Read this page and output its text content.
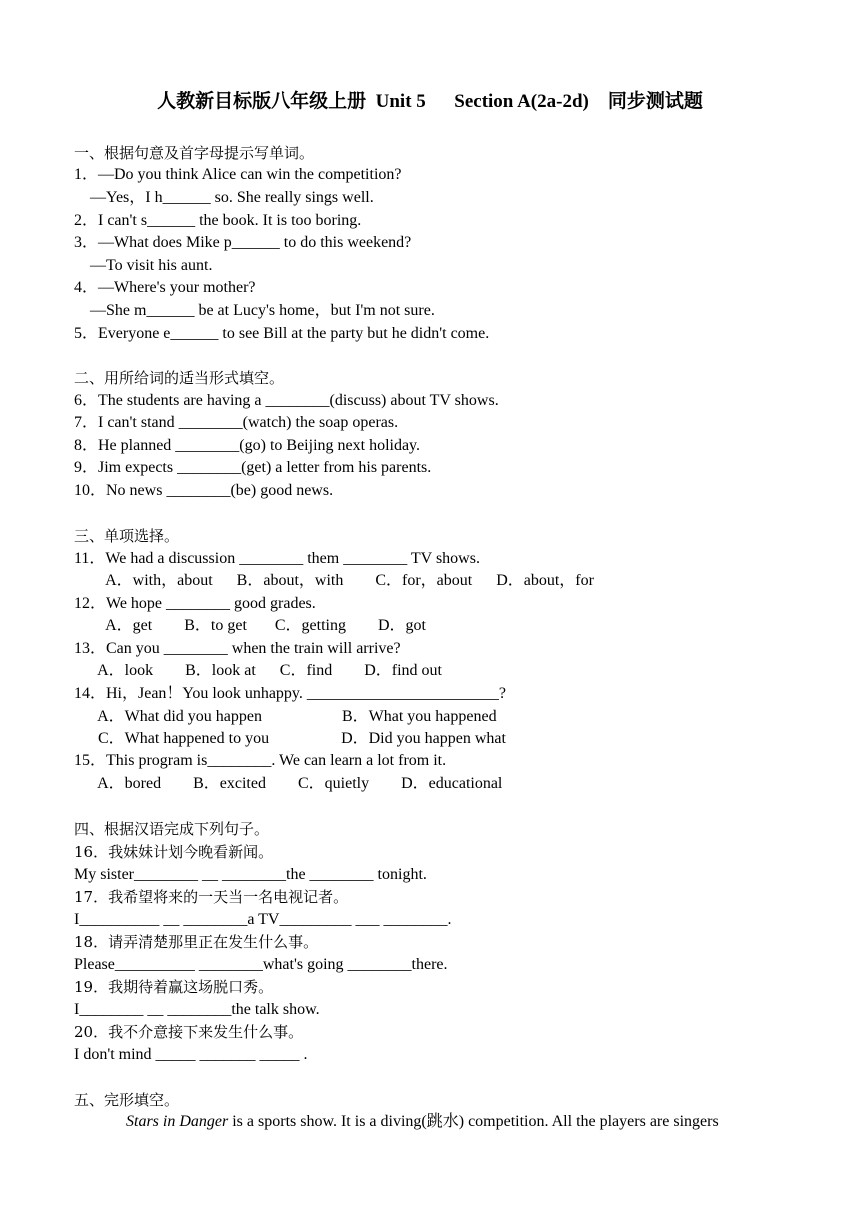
人教新目标版八年级上册  Unit 5      Section A(2a-2d)    同步测试题
一、根据句意及首字母提示写单词。
1．—Do you think Alice can win the competition?
—Yes，I h______ so. She really sings well.
2．I can't s______ the book. It is too boring.
3．—What does Mike p______ to do this weekend?
—To visit his aunt.
4．—Where's your mother?
—She m______ be at Lucy's home，but I'm not sure.
5．Everyone e______ to see Bill at the party but he didn't come.
二、用所给词的适当形式填空。
6．The students are having a ________(discuss) about TV shows.
7．I can't stand ________(watch) the soap operas.
8．He planned ________(go) to Beijing next holiday.
9．Jim expects ________(get) a letter from his parents.
10．No news ________(be) good news.
三、单项选择。
11．We had a discussion ________ them ________ TV shows.
A．with，about      B．about，with        C．for，about      D．about，for
12．We hope ________ good grades.
A．get        B．to get       C．getting        D．got
13．Can you ________ when the train will arrive?
A．look        B．look at      C．find        D．find out
14．Hi，Jean！You look unhappy. ________________________?
A．What did you happen                    B．What you happened
C．What happened to you                  D．Did you happen what
15．This program is________. We can learn a lot from it.
A．bored        B．excited        C．quietly        D．educational
四、根据汉语完成下列句子。
16．我妹妹计划今晚看新闻。
My sister________ __ ________the ________ tonight.
17．我希望将来的一天当一名电视记者。
I__________ __ ________a TV_________ ___ ________.
18．请弄清楚那里正在发生什么事。
Please__________ ________what's going ________there.
19．我期待着赢这场脱口秀。
I________ __ ________the talk show.
20．我不介意接下来发生什么事。
I don't mind _____ _______ _____ .
五、完形填空。
Stars in Danger is a sports show. It is a diving(跳水) competition. All the players are singers
